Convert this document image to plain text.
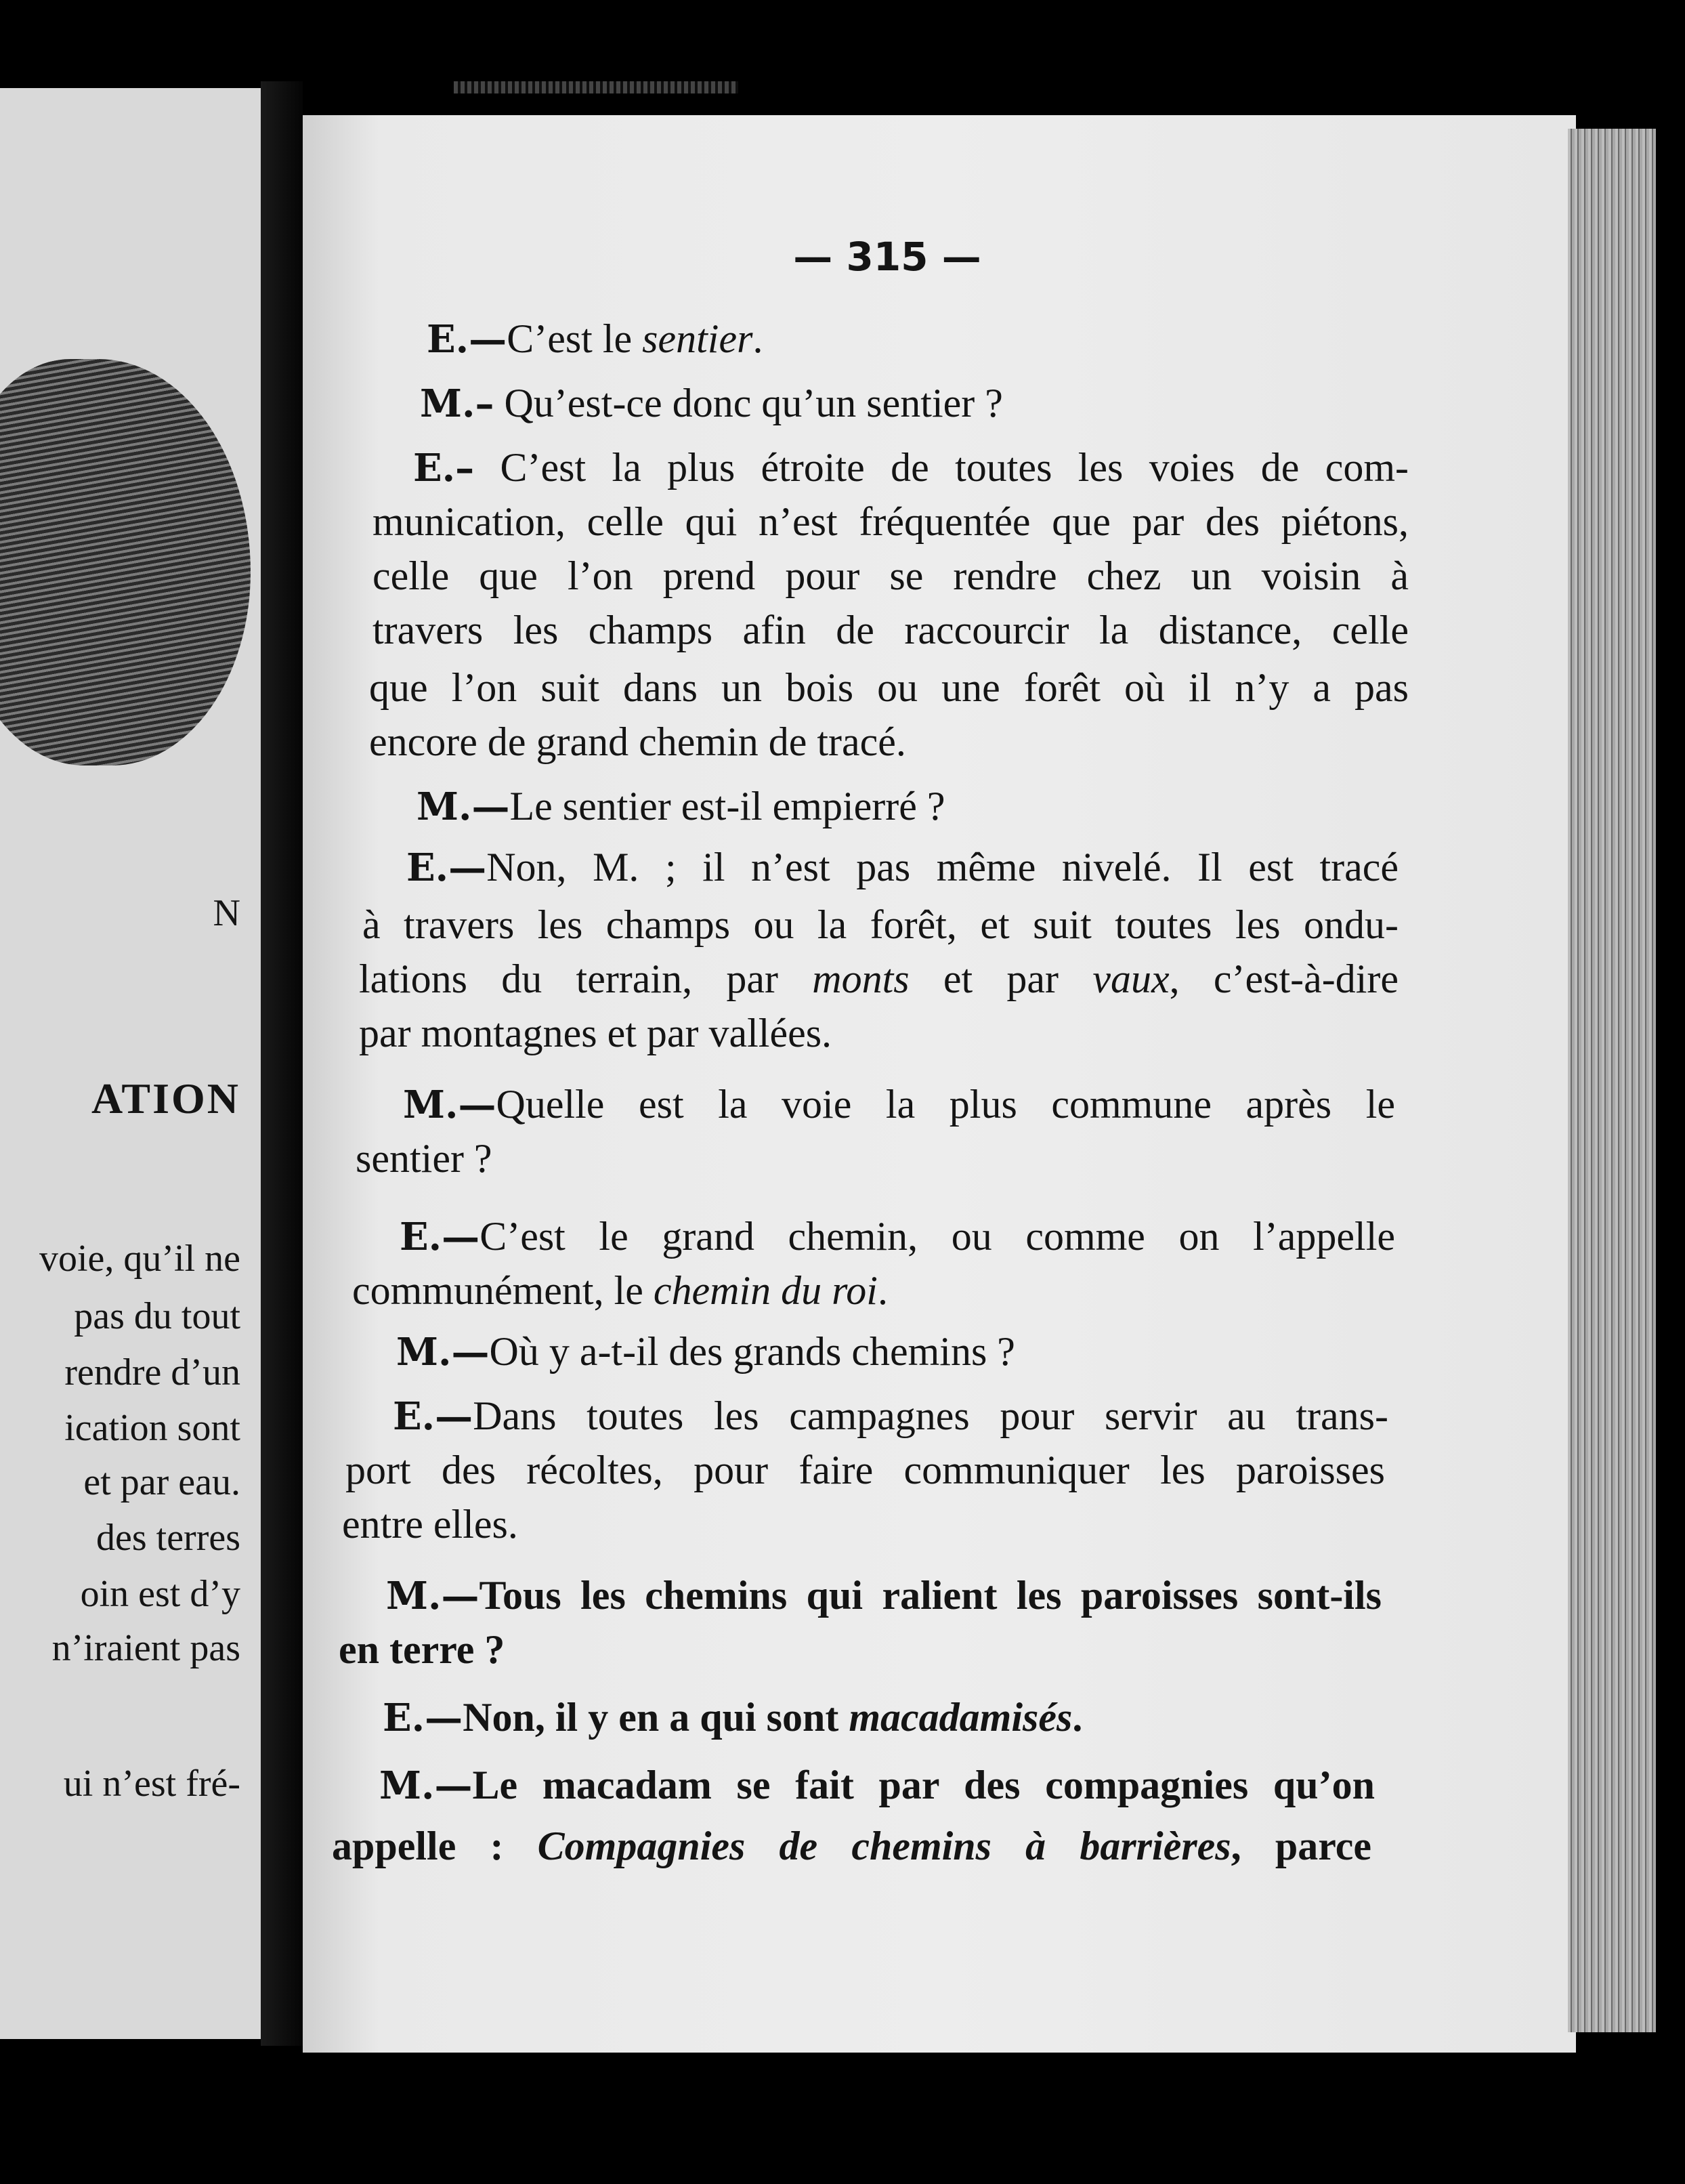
N
ATION
voie, qu’il ne
pas du tout
rendre d’un
ication sont
et par eau.
des terres
oin est d’y
n’iraient pas
ui n’est fré-
— 315 —
E.—C’est le sentier.
M.– Qu’est-ce donc qu’un sentier ?
E.– C’est la plus étroite de toutes les voies de com-
munication, celle qui n’est fréquentée que par des piétons,
celle que l’on prend pour se rendre chez un voisin à
travers les champs afin de raccourcir la distance, celle
que l’on suit dans un bois ou une forêt où il n’y a pas
encore de grand chemin de tracé.
M.—Le sentier est-il empierré ?
E.—Non, M. ; il n’est pas même nivelé. Il est tracé
à travers les champs ou la forêt, et suit toutes les ondu-
lations du terrain, par monts et par vaux, c’est-à-dire
par montagnes et par vallées.
M.—Quelle est la voie la plus commune après le
sentier ?
E.—C’est le grand chemin, ou comme on l’appelle
communément, le chemin du roi.
M.—Où y a-t-il des grands chemins ?
E.—Dans toutes les campagnes pour servir au trans-
port des récoltes, pour faire communiquer les paroisses
entre elles.
M.—Tous les chemins qui ralient les paroisses sont-ils
en terre ?
E.—Non, il y en a qui sont macadamisés.
M.—Le macadam se fait par des compagnies qu’on
appelle : Compagnies de chemins à barrières, parce
